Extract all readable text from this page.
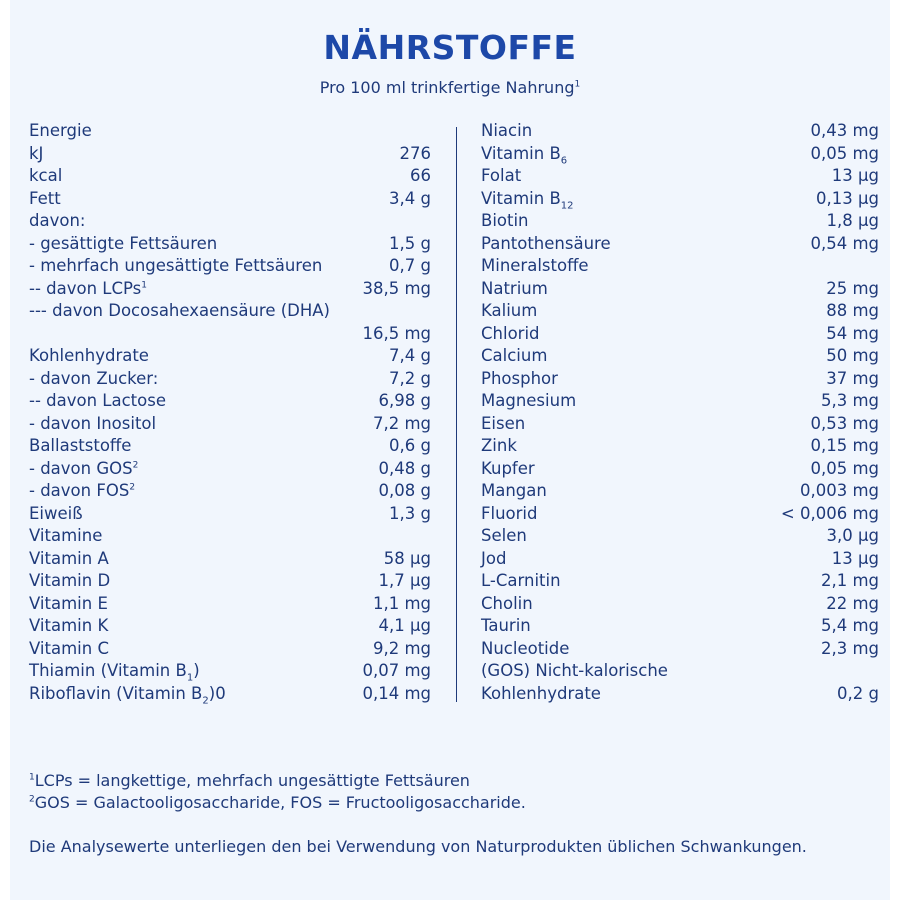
NÄHRSTOFFE
Pro 100 ml trinkfertige Nahrung$^1$
Energie
kJ	276
kcal	66
Fett	3,4 g
davon:
- gesättigte Fettsäuren	1,5 g
- mehrfach ungesättigte Fettsäuren	0,7 g
-- davon LCPs$^1$	38,5 mg
--- davon Docosahexaensäure (DHA)
16,5 mg
Kohlenhydrate	7,4 g
- davon Zucker:	7,2 g
-- davon Lactose	6,98 g
- davon Inositol	7,2 mg
Ballaststoffe	0,6 g
- davon GOS$^2$	0,48 g
- davon FOS$^2$	0,08 g
Eiweiß	1,3 g
Vitamine
Vitamin A	58 µg
Vitamin D	1,7 µg
Vitamin E	1,1 mg
Vitamin K	4,1 µg
Vitamin C	9,2 mg
Thiamin (Vitamin $B_1$)	0,07 mg
Riboflavin (Vitamin $B_2)0$	0,14 mg
Niacin	0,43 mg
Vitamin $B_6$	0,05 mg
Folat	13 µg
Vitamin $B_{12}$	0,13 µg
Biotin	1,8 µg
Pantothensäure	0,54 mg
Mineralstoffe
Natrium	25 mg
Kalium	88 mg
Chlorid	54 mg
Calcium	50 mg
Phosphor	37 mg
Magnesium	5,3 mg
Eisen	0,53 mg
Zink	0,15 mg
Kupfer	0,05 mg
Mangan	0,003 mg
Fluorid	< 0,006 mg
Selen	3,0 µg
Jod	13 µg
L-Carnitin	2,1 mg
Cholin	22 mg
Taurin	5,4 mg
Nucleotide	2,3 mg
(GOS) Nicht-kalorische
Kohlenhydrate	0,2 g
$^1$LCPs = langkettige, mehrfach ungesättigte Fettsäuren
$^2$GOS = Galactooligosaccharide, FOS = Fructooligosaccharide.
Die Analysewerte unterliegen den bei Verwendung von Naturprodukten üblichen Schwankungen.
